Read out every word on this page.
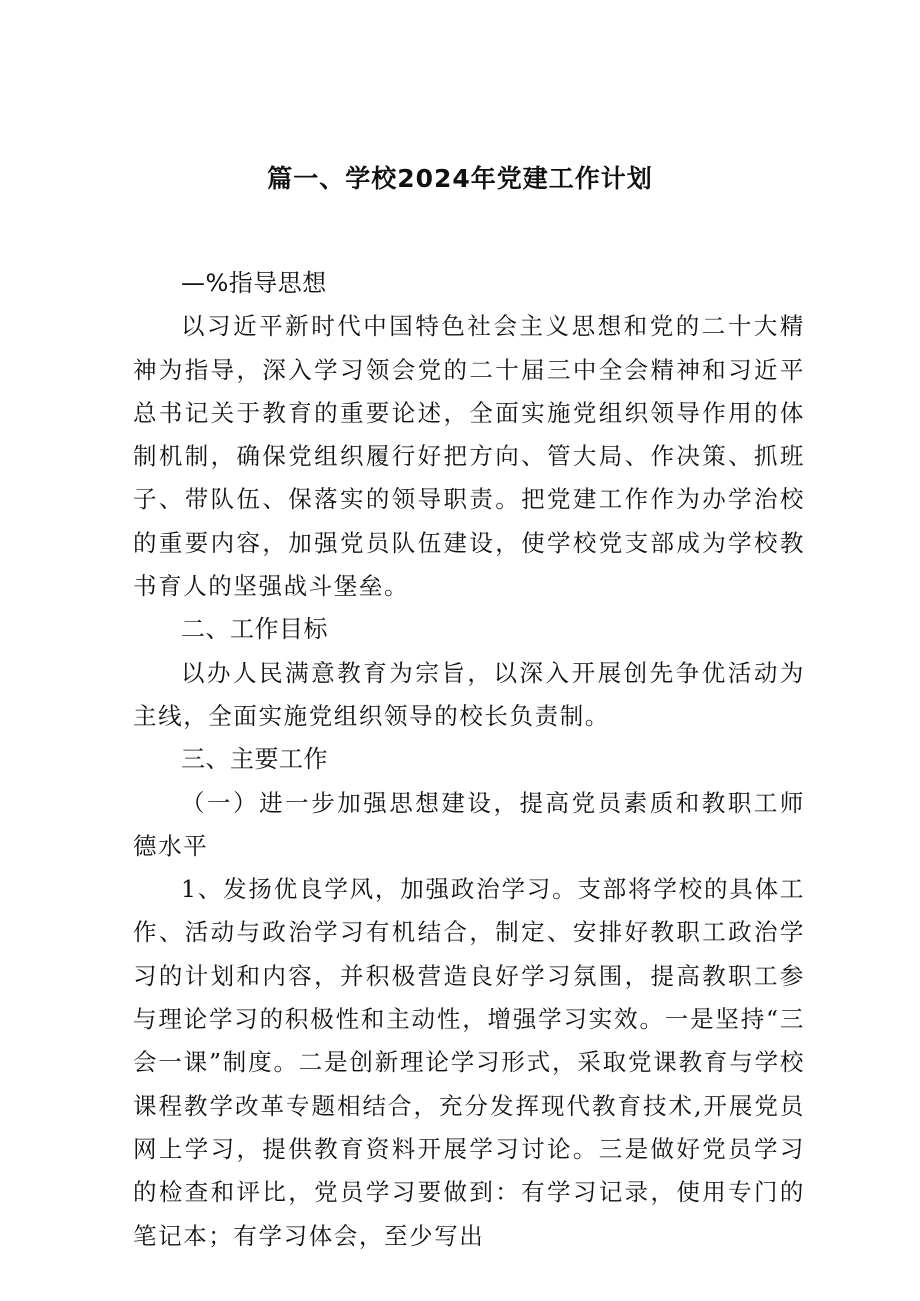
篇一、学校2024年党建工作计划

—%指导思想

以习近平新时代中国特色社会主义思想和党的二十大精神为指导，深入学习领会党的二十届三中全会精神和习近平总书记关于教育的重要论述，全面实施党组织领导作用的体制机制，确保党组织履行好把方向、管大局、作决策、抓班子、带队伍、保落实的领导职责。把党建工作作为办学治校的重要内容，加强党员队伍建设，使学校党支部成为学校教书育人的坚强战斗堡垒。

二、工作目标

以办人民满意教育为宗旨，以深入开展创先争优活动为主线，全面实施党组织领导的校长负责制。

三、主要工作

（一）进一步加强思想建设，提高党员素质和教职工师德水平

1、发扬优良学风，加强政治学习。支部将学校的具体工作、活动与政治学习有机结合，制定、安排好教职工政治学习的计划和内容，并积极营造良好学习氛围，提高教职工参与理论学习的积极性和主动性，增强学习实效。一是坚持“三会一课”制度。二是创新理论学习形式，采取党课教育与学校课程教学改革专题相结合，充分发挥现代教育技术,开展党员网上学习，提供教育资料开展学习讨论。三是做好党员学习的检查和评比，党员学习要做到：有学习记录，使用专门的笔记本；有学习体会，至少写出
